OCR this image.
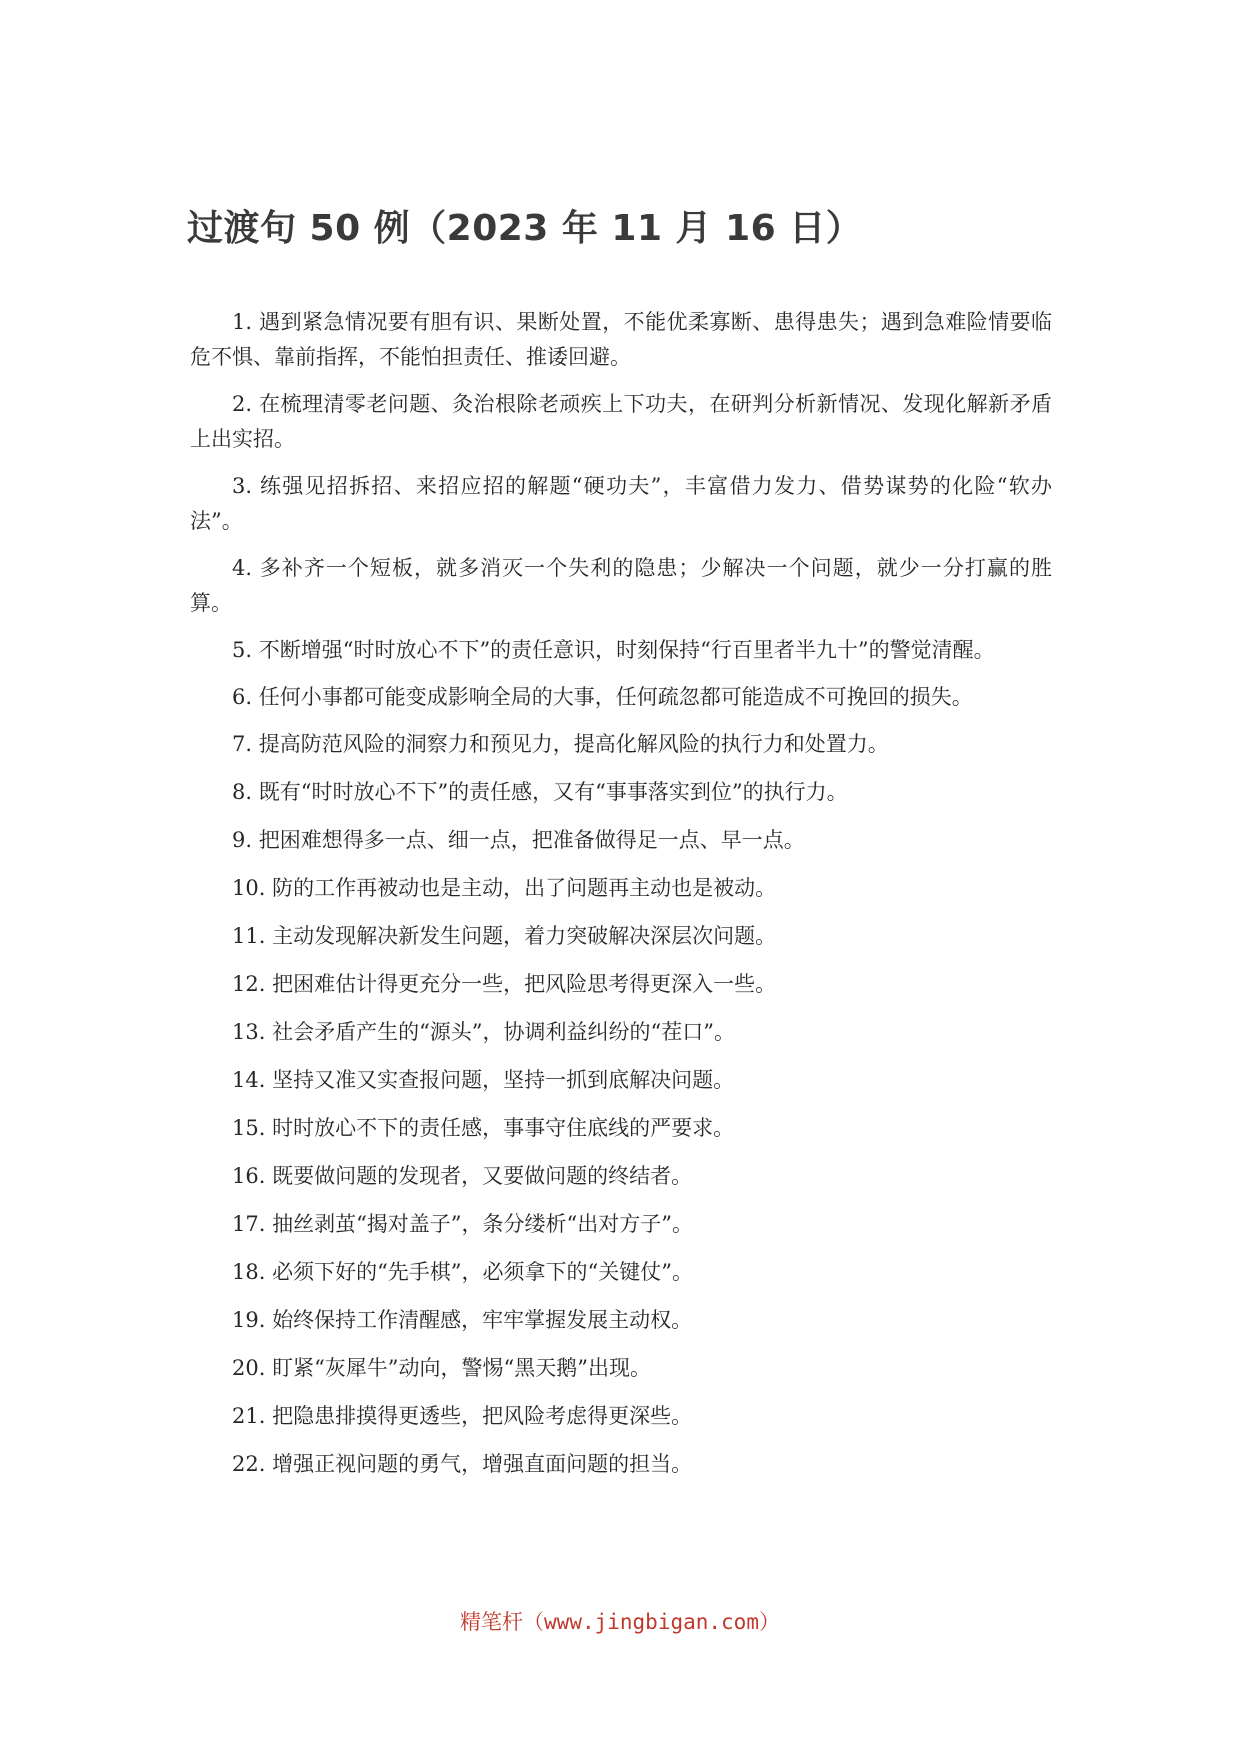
过渡句 50 例（2023 年 11 月 16 日）

1. 遇到紧急情况要有胆有识、果断处置，不能优柔寡断、患得患失；遇到急难险情要临危不惧、靠前指挥，不能怕担责任、推诿回避。

2. 在梳理清零老问题、灸治根除老顽疾上下功夫，在研判分析新情况、发现化解新矛盾上出实招。

3. 练强见招拆招、来招应招的解题“硬功夫”，丰富借力发力、借势谋势的化险“软办法”。

4. 多补齐一个短板，就多消灭一个失利的隐患；少解决一个问题，就少一分打赢的胜算。

5. 不断增强“时时放心不下”的责任意识，时刻保持“行百里者半九十”的警觉清醒。

6. 任何小事都可能变成影响全局的大事，任何疏忽都可能造成不可挽回的损失。

7. 提高防范风险的洞察力和预见力，提高化解风险的执行力和处置力。

8. 既有“时时放心不下”的责任感，又有“事事落实到位”的执行力。

9. 把困难想得多一点、细一点，把准备做得足一点、早一点。

10. 防的工作再被动也是主动，出了问题再主动也是被动。

11. 主动发现解决新发生问题，着力突破解决深层次问题。

12. 把困难估计得更充分一些，把风险思考得更深入一些。

13. 社会矛盾产生的“源头”，协调利益纠纷的“茬口”。

14. 坚持又准又实查报问题，坚持一抓到底解决问题。

15. 时时放心不下的责任感，事事守住底线的严要求。

16. 既要做问题的发现者，又要做问题的终结者。

17. 抽丝剥茧“揭对盖子”，条分缕析“出对方子”。

18. 必须下好的“先手棋”，必须拿下的“关键仗”。

19. 始终保持工作清醒感，牢牢掌握发展主动权。

20. 盯紧“灰犀牛”动向，警惕“黑天鹅”出现。

21. 把隐患排摸得更透些，把风险考虑得更深些。

22. 增强正视问题的勇气，增强直面问题的担当。

精笔杆（www.jingbigan.com）
